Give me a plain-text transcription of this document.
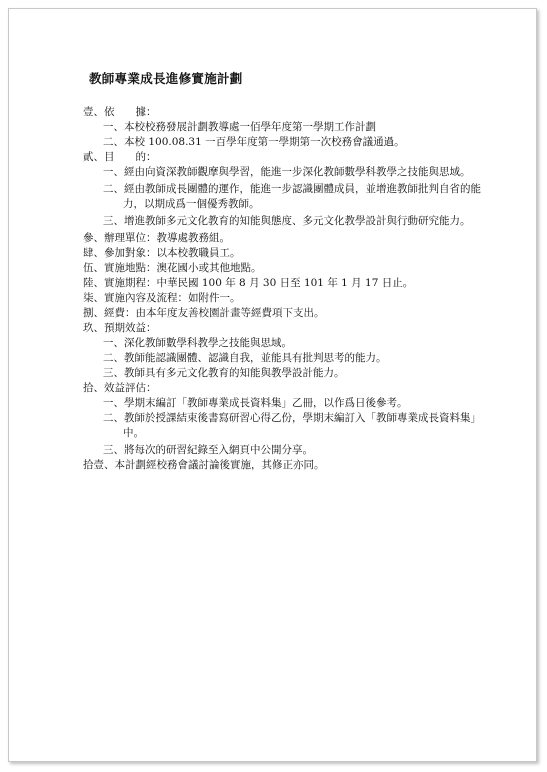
教師專業成長進修實施計劃
壹、依　　據：
一、本校校務發展計劃教導處一佰學年度第一學期工作計劃
二、本校 100.08.31 一百學年度第一學期第一次校務會議通過。
貳、目　　的：
一、經由向資深教師觀摩與學習，能進一步深化教師數學科教學之技能與思域。
二、經由教師成長團體的運作，能進一步認識團體成員，並增進教師批判自省的能力，以期成爲一個優秀教師。
三、增進教師多元文化教育的知能與態度、多元文化教學設計與行動研究能力。
參、辦理單位：教導處教務組。
肆、參加對象：以本校教職員工。
伍、實施地點：澳花國小或其他地點。
陸、實施期程：中華民國 100 年 8 月 30 日至 101 年 1 月 17 日止。
柒、實施內容及流程：如附件一。
捌、經費：由本年度友善校園計畫等經費項下支出。
玖、預期效益：
一、深化教師數學科教學之技能與思域。
二、教師能認識團體、認識自我，並能具有批判思考的能力。
三、教師具有多元文化教育的知能與教學設計能力。
拾、效益評估：
一、學期末編訂「教師專業成長資料集」乙冊，以作爲日後參考。
二、教師於授課結束後書寫研習心得乙份，學期末編訂入「教師專業成長資料集」中。
三、將每次的研習紀錄至入網頁中公開分享。
拾壹、本計劃經校務會議討論後實施，其修正亦同。
